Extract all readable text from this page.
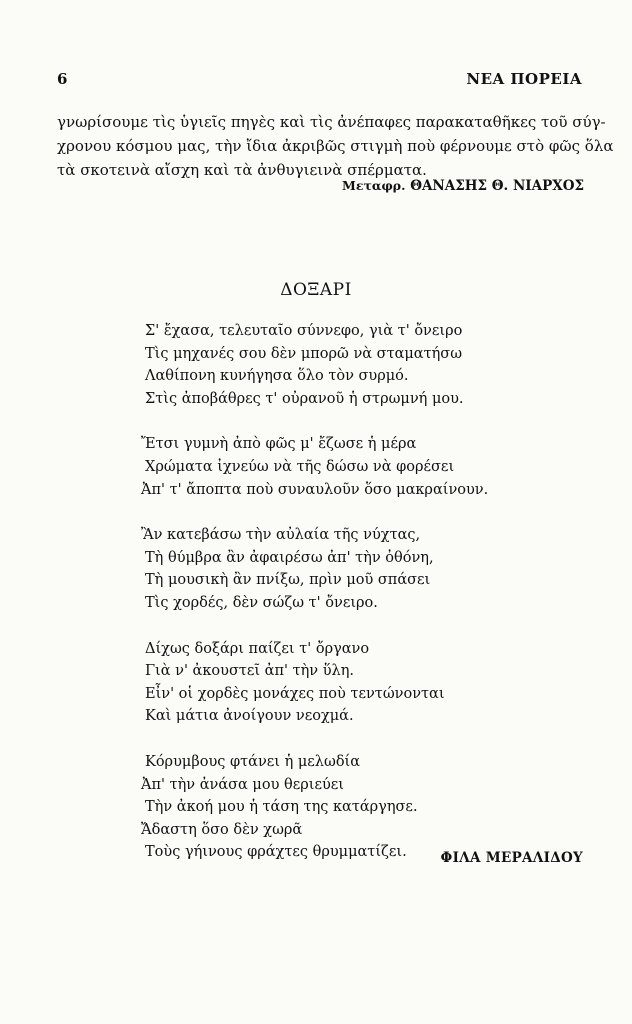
6	ΝΕΑ ΠΟΡΕΙΑ
γνωρίσουμε τὶς ὑγιεῖς πηγὲς καὶ τὶς ἀνέπαφες παρακαταθῆκες τοῦ σύγ-
χρονου κόσμου μας, τὴν ἴδια ἀκριβῶς στιγμὴ ποὺ φέρνουμε στὸ φῶς ὅλα
τὰ σκοτεινὰ αἴσχη καὶ τὰ ἀνθυγιεινὰ σπέρματα.
Μεταφρ. ΘΑΝΑΣΗΣ Θ. ΝΙΑΡΧΟΣ
ΔΟΞΑΡΙ
Σ' ἔχασα, τελευταῖο σύννεφο, γιὰ τ' ὄνειρο
Τὶς μηχανές σου δὲν μπορῶ νὰ σταματήσω
Λαθίπονη κυνήγησα ὅλο τὸν συρμό.
Στὶς ἀποβάθρες τ' οὐρανοῦ ἡ στρωμνή μου.
Ἔτσι γυμνὴ ἀπὸ φῶς μ' ἔζωσε ἡ μέρα
Χρώματα ἰχνεύω νὰ τῆς δώσω νὰ φορέσει
Ἀπ' τ' ἄποπτα ποὺ συναυλοῦν ὅσο μακραίνουν.
Ἂν κατεβάσω τὴν αὐλαία τῆς νύχτας,
Τὴ θύμβρα ἂν ἀφαιρέσω ἀπ' τὴν ὀθόνη,
Τὴ μουσικὴ ἂν πνίξω, πρὶν μοῦ σπάσει
Τὶς χορδές, δὲν σώζω τ' ὄνειρο.
Δίχως δοξάρι παίζει τ' ὄργανο
Γιὰ ν' ἀκουστεῖ ἀπ' τὴν ὕλη.
Εἶν' οἱ χορδὲς μονάχες ποὺ τεντώνονται
Καὶ μάτια ἀνοίγουν νεοχμά.
Κόρυμβους φτάνει ἡ μελωδία
Ἀπ' τὴν ἀνάσα μου θεριεύει
Τὴν ἀκοή μου ἡ τάση της κατάργησε.
Ἄδαστη ὅσο δὲν χωρᾶ
Τοὺς γήινους φράχτες θρυμματίζει.	ΦΙΛΑ ΜΕΡΑΛΙΔΟΥ
